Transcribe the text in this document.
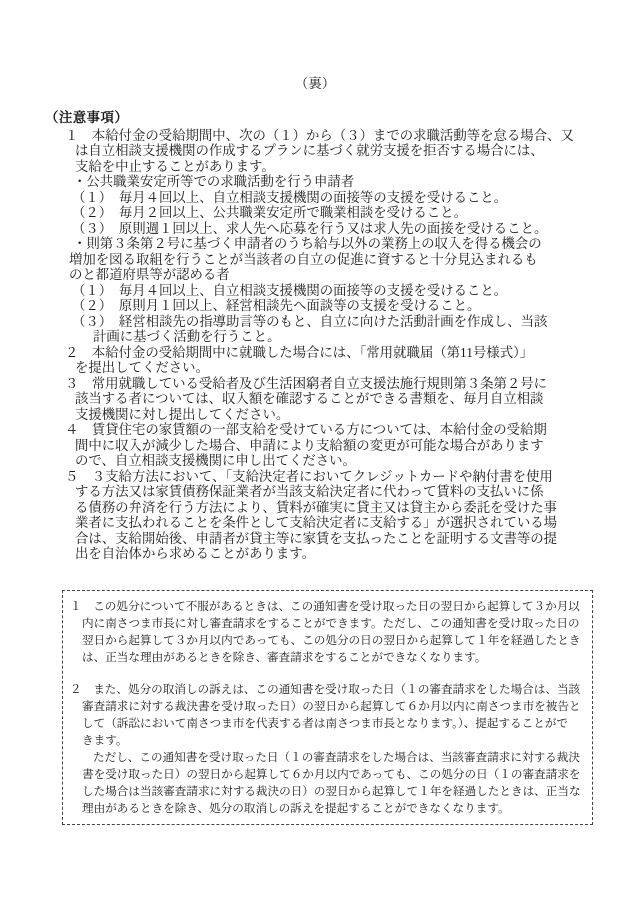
（裏）
（注意事項）
１　本給付金の受給期間中、次の（１）から（３）までの求職活動等を怠る場合、又
は自立相談支援機関の作成するプランに基づく就労支援を拒否する場合には、
支給を中止することがあります。
・公共職業安定所等での求職活動を行う申請者
（１）　毎月４回以上、自立相談支援機関の面接等の支援を受けること。
（２）　毎月２回以上、公共職業安定所で職業相談を受けること。
（３）　原則週１回以上、求人先へ応募を行う又は求人先の面接を受けること。
・則第３条第２号に基づく申請者のうち給与以外の業務上の収入を得る機会の
増加を図る取組を行うことが当該者の自立の促進に資すると十分見込まれるも
のと都道府県等が認める者
（１）　毎月４回以上、自立相談支援機関の面接等の支援を受けること。
（２）　原則月１回以上、経営相談先へ面談等の支援を受けること。
（３）　経営相談先の指導助言等のもと、自立に向けた活動計画を作成し、当該
計画に基づく活動を行うこと。
２　本給付金の受給期間中に就職した場合には、「常用就職届（第11号様式）」
を提出してください。
３　常用就職している受給者及び生活困窮者自立支援法施行規則第３条第２号に
該当する者については、収入額を確認することができる書類を、毎月自立相談
支援機関に対し提出してください。
４　賃貸住宅の家賃額の一部支給を受けている方については、本給付金の受給期
間中に収入が減少した場合、申請により支給額の変更が可能な場合があります
ので、自立相談支援機関に申し出てください。
５　３支給方法において、「支給決定者においてクレジットカードや納付書を使用
する方法又は家賃債務保証業者が当該支給決定者に代わって賃料の支払いに係
る債務の弁済を行う方法により、賃料が確実に貸主又は貸主から委託を受けた事
業者に支払われることを条件として支給決定者に支給する」が選択されている場
合は、支給開始後、申請者が貸主等に家賃を支払ったことを証明する文書等の提
出を自治体から求めることがあります。
１　この処分について不服があるときは、この通知書を受け取った日の翌日から起算して３か月以
内に南さつま市長に対し審査請求をすることができます。ただし、この通知書を受け取った日の
翌日から起算して３か月以内であっても、この処分の日の翌日から起算して１年を経過したとき
は、正当な理由があるときを除き、審査請求をすることができなくなります。
２　また、処分の取消しの訴えは、この通知書を受け取った日（１の審査請求をした場合は、当該
審査請求に対する裁決書を受け取った日）の翌日から起算して６か月以内に南さつま市を被告と
して（訴訟において南さつま市を代表する者は南さつま市長となります。）、提起することがで
きます。
ただし、この通知書を受け取った日（１の審査請求をした場合は、当該審査請求に対する裁決
書を受け取った日）の翌日から起算して６か月以内であっても、この処分の日（１の審査請求を
した場合は当該審査請求に対する裁決の日）の翌日から起算して１年を経過したときは、正当な
理由があるときを除き、処分の取消しの訴えを提起することができなくなります。
